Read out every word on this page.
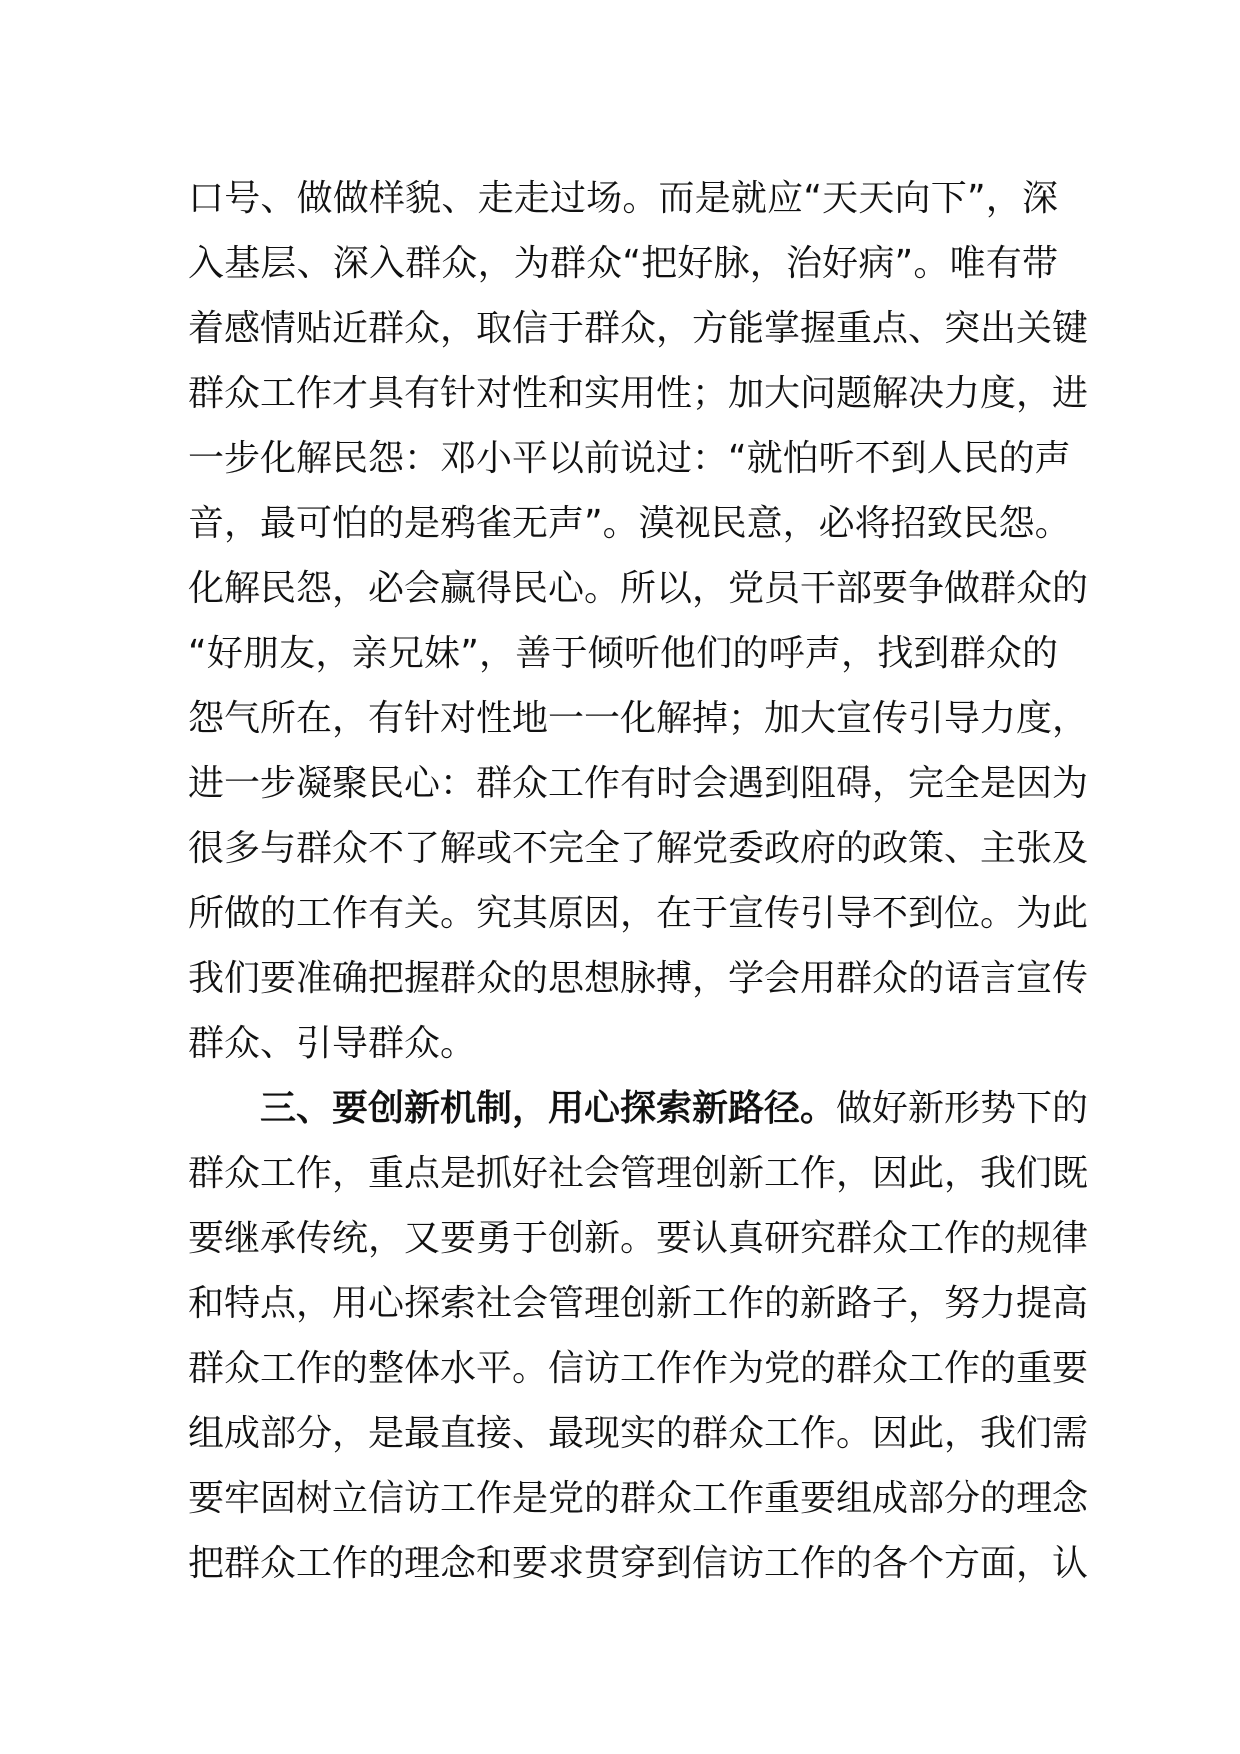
口号、做做样貌、走走过场。而是就应“天天向下”，深
入基层、深入群众，为群众“把好脉，治好病”。唯有带
着感情贴近群众，取信于群众，方能掌握重点、突出关键
群众工作才具有针对性和实用性；加大问题解决力度，进
一步化解民怨：邓小平以前说过：“就怕听不到人民的声
音，最可怕的是鸦雀无声”。漠视民意，必将招致民怨。
化解民怨，必会赢得民心。所以，党员干部要争做群众的
“好朋友，亲兄妹”，善于倾听他们的呼声，找到群众的
怨气所在，有针对性地一一化解掉；加大宣传引导力度，
进一步凝聚民心：群众工作有时会遇到阻碍，完全是因为
很多与群众不了解或不完全了解党委政府的政策、主张及
所做的工作有关。究其原因，在于宣传引导不到位。为此
我们要准确把握群众的思想脉搏，学会用群众的语言宣传
群众、引导群众。
三、要创新机制，用心探索新路径。做好新形势下的
群众工作，重点是抓好社会管理创新工作，因此，我们既
要继承传统，又要勇于创新。要认真研究群众工作的规律
和特点，用心探索社会管理创新工作的新路子，努力提高
群众工作的整体水平。信访工作作为党的群众工作的重要
组成部分，是最直接、最现实的群众工作。因此，我们需
要牢固树立信访工作是党的群众工作重要组成部分的理念
把群众工作的理念和要求贯穿到信访工作的各个方面，认
